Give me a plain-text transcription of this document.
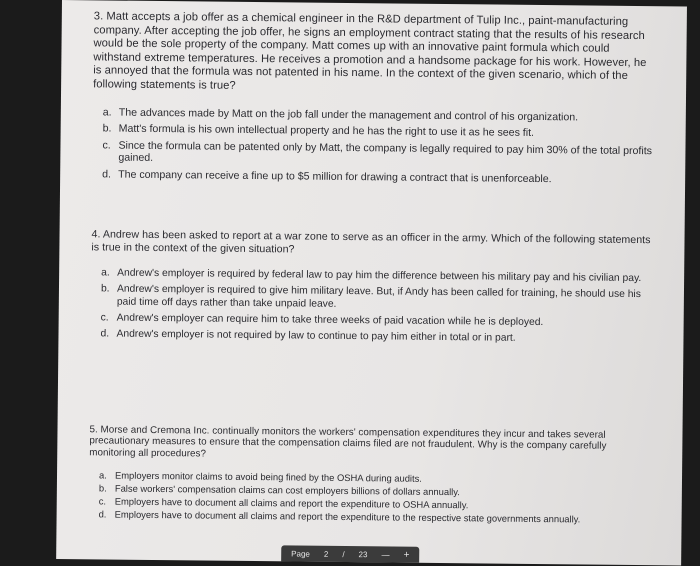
3. Matt accepts a job offer as a chemical engineer in the R&D department of Tulip Inc., paint-manufacturing company. After accepting the job offer, he signs an employment contract stating that the results of his research would be the sole property of the company. Matt comes up with an innovative paint formula which could withstand extreme temperatures. He receives a promotion and a handsome package for his work. However, he is annoyed that the formula was not patented in his name. In the context of the given scenario, which of the following statements is true?

a. The advances made by Matt on the job fall under the management and control of his organization.
b. Matt's formula is his own intellectual property and he has the right to use it as he sees fit.
c. Since the formula can be patented only by Matt, the company is legally required to pay him 30% of the total profits gained.
d. The company can receive a fine up to $5 million for drawing a contract that is unenforceable.

4. Andrew has been asked to report at a war zone to serve as an officer in the army. Which of the following statements is true in the context of the given situation?

a. Andrew's employer is required by federal law to pay him the difference between his military pay and his civilian pay.
b. Andrew's employer is required to give him military leave. But, if Andy has been called for training, he should use his paid time off days rather than take unpaid leave.
c. Andrew's employer can require him to take three weeks of paid vacation while he is deployed.
d. Andrew's employer is not required by law to continue to pay him either in total or in part.

5. Morse and Cremona Inc. continually monitors the workers' compensation expenditures they incur and takes several precautionary measures to ensure that the compensation claims filed are not fraudulent. Why is the company carefully monitoring all procedures?

a. Employers monitor claims to avoid being fined by the OSHA during audits.
b. False workers' compensation claims can cost employers billions of dollars annually.
c. Employers have to document all claims and report the expenditure to OSHA annually.
d. Employers have to document all claims and report the expenditure to the respective state governments annually.
Page 2 / 23 — +
